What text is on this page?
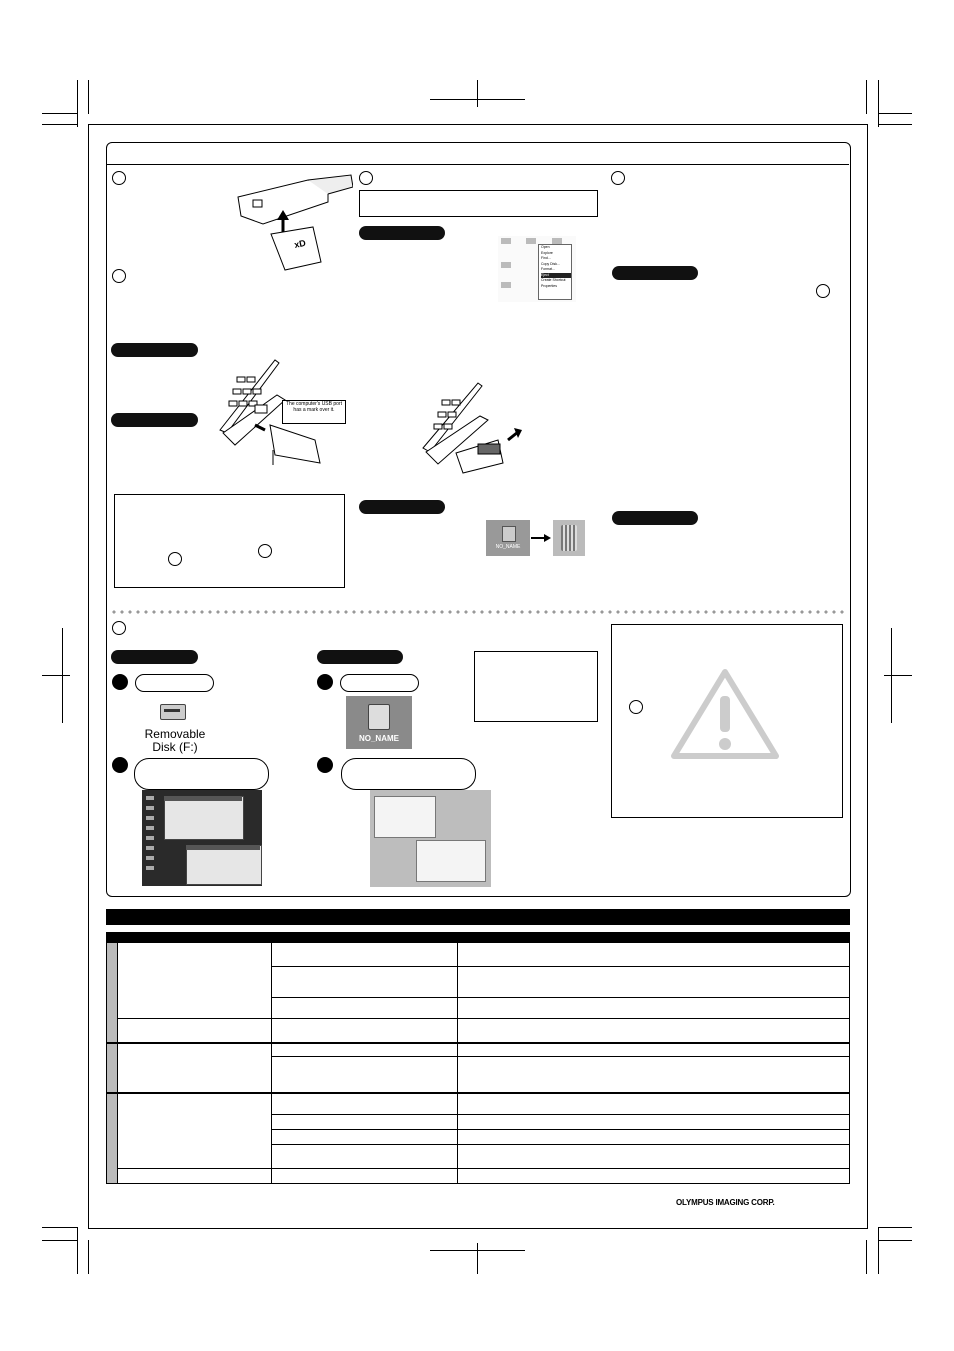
xD	Open
Explore
Find...
Copy Disk...
Format...
Eject
Create Shortcut
Properties
The computer's USB port has a mark over it.
NO_NAME
Removable
Disk (F:)
NO_NAME

OLYMPUS IMAGING CORP.
